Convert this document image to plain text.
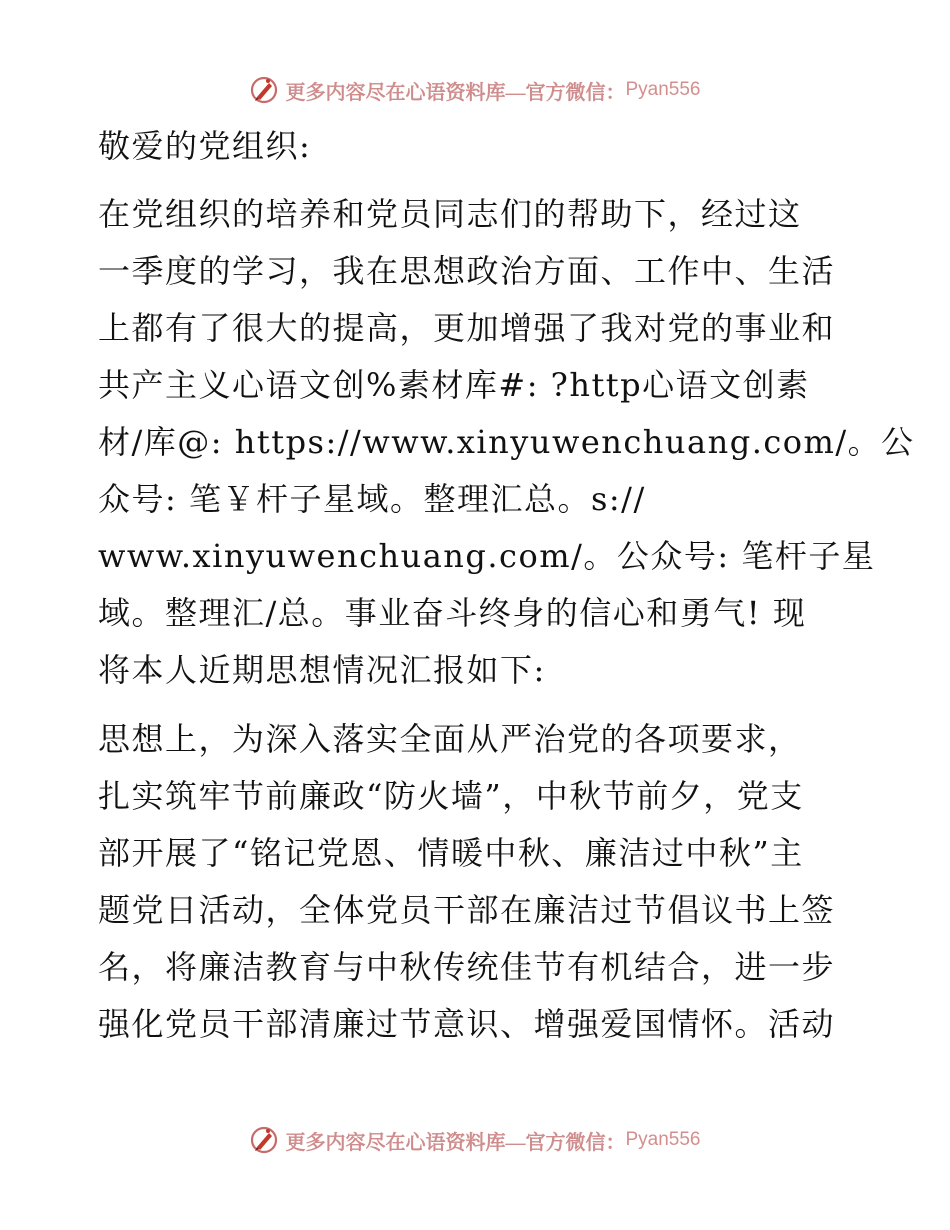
更多内容尽在心语资料库—官方微信： Pyan556
敬爱的党组织:
在党组织的培养和党员同志们的帮助下，经过这
一季度的学习，我在思想政治方面、工作中、生活
上都有了很大的提高，更加增强了我对党的事业和
共产主义心语文创%素材库#: ?http心语文创素
材/库@: https://www.xinyuwenchuang.com/。公
众号: 笔￥杆子星域。整理汇总。s://
www.xinyuwenchuang.com/。公众号: 笔杆子星
域。整理汇/总。事业奋斗终身的信心和勇气! 现
将本人近期思想情况汇报如下:
思想上，为深入落实全面从严治党的各项要求，
扎实筑牢节前廉政“防火墙”，中秋节前夕，党支
部开展了“铭记党恩、情暖中秋、廉洁过中秋”主
题党日活动，全体党员干部在廉洁过节倡议书上签
名，将廉洁教育与中秋传统佳节有机结合，进一步
强化党员干部清廉过节意识、增强爱国情怀。活动
更多内容尽在心语资料库—官方微信： Pyan556
